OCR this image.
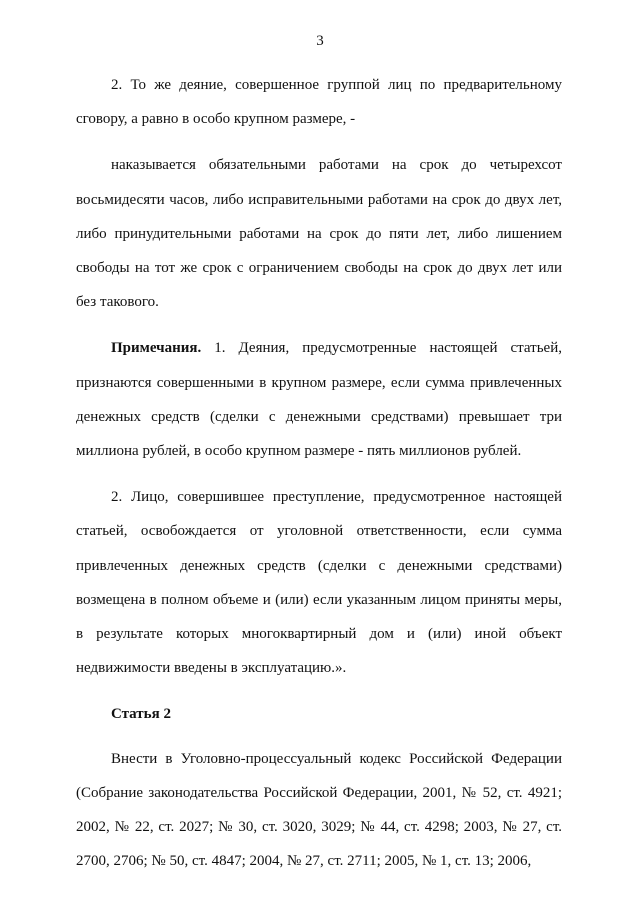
3

2. То же деяние, совершенное группой лиц по предварительному сговору, а равно в особо крупном размере, -

наказывается обязательными работами на срок до четырехсот восьмидесяти часов, либо исправительными работами на срок до двух лет, либо принудительными работами на срок до пяти лет, либо лишением свободы на тот же срок с ограничением свободы на срок до двух лет или без такового.

Примечания. 1. Деяния, предусмотренные настоящей статьей, признаются совершенными в крупном размере, если сумма привлеченных денежных средств (сделки с денежными средствами) превышает три миллиона рублей, в особо крупном размере - пять миллионов рублей.

2. Лицо, совершившее преступление, предусмотренное настоящей статьей, освобождается от уголовной ответственности, если сумма привлеченных денежных средств (сделки с денежными средствами) возмещена в полном объеме и (или) если указанным лицом приняты меры, в результате которых многоквартирный дом и (или) иной объект недвижимости введены в эксплуатацию.».

Статья 2

Внести в Уголовно-процессуальный кодекс Российской Федерации (Собрание законодательства Российской Федерации, 2001, № 52, ст. 4921; 2002, № 22, ст. 2027; № 30, ст. 3020, 3029; № 44, ст. 4298; 2003, № 27, ст. 2700, 2706; № 50, ст. 4847; 2004, № 27, ст. 2711; 2005, № 1, ст. 13; 2006,
